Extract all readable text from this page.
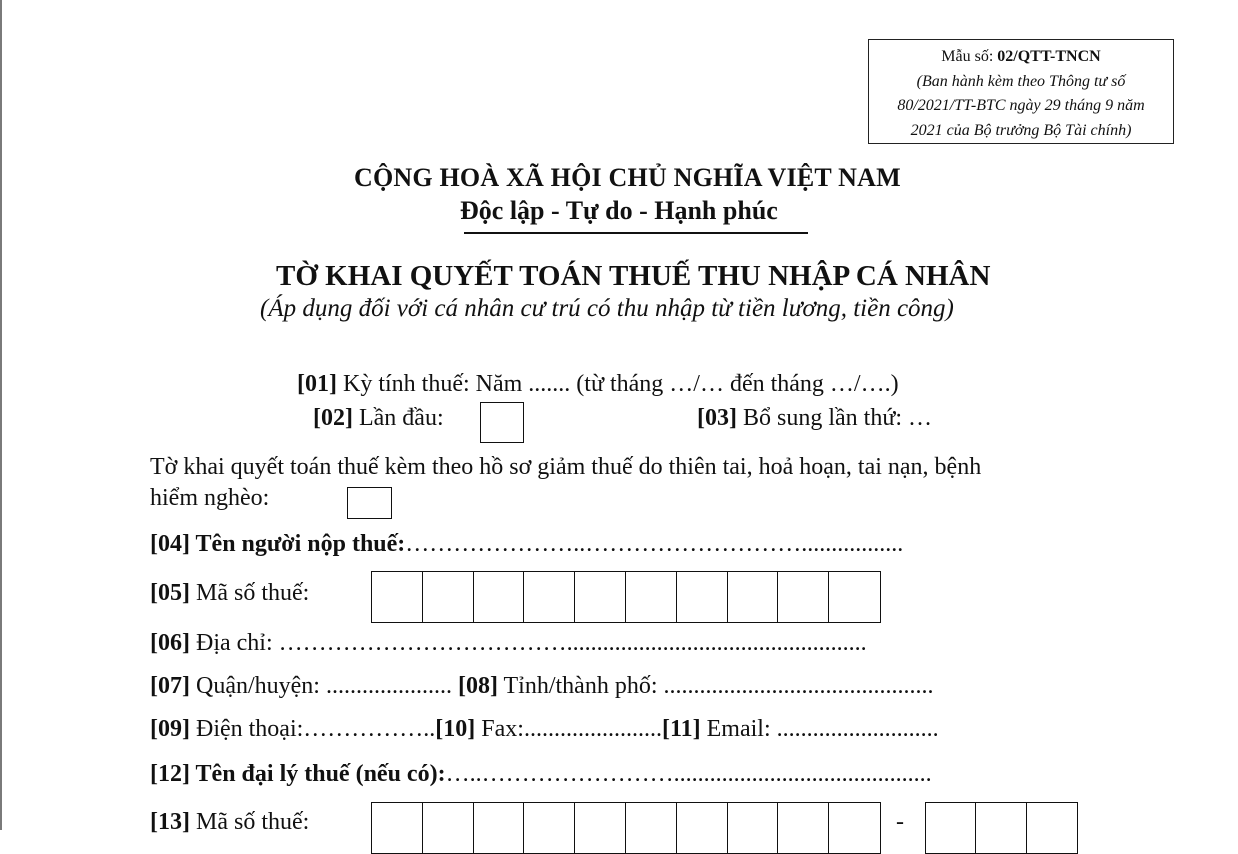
Mẫu số: 02/QTT-TNCN
(Ban hành kèm theo Thông tư số
80/2021/TT-BTC ngày 29 tháng 9 năm
2021 của Bộ trưởng Bộ Tài chính)
CỘNG HOÀ XÃ HỘI CHỦ NGHĨA VIỆT NAM
Độc lập - Tự do - Hạnh phúc
TỜ KHAI QUYẾT TOÁN THUẾ THU NHẬP CÁ NHÂN
(Áp dụng đối với cá nhân cư trú có thu nhập từ tiền lương, tiền công)
[01] Kỳ tính thuế: Năm ....... (từ tháng …/… đến tháng …/….)
[02] Lần đầu:	[03] Bổ sung lần thứ: …
Tờ khai quyết toán thuế kèm theo hồ sơ giảm thuế do thiên tai, hoả hoạn, tai nạn, bệnh
hiểm nghèo:
[04] Tên người nộp thuế:…………………..……………………….................
[05] Mã số thuế:
[06] Địa chỉ: ………………………………..................................................
[07] Quận/huyện: ..................... [08] Tỉnh/thành phố: .............................................
[09] Điện thoại:……………..[10] Fax:.......................[11] Email: ...........................
[12] Tên đại lý thuế (nếu có):…..……………………...........................................
[13] Mã số thuế:	-
